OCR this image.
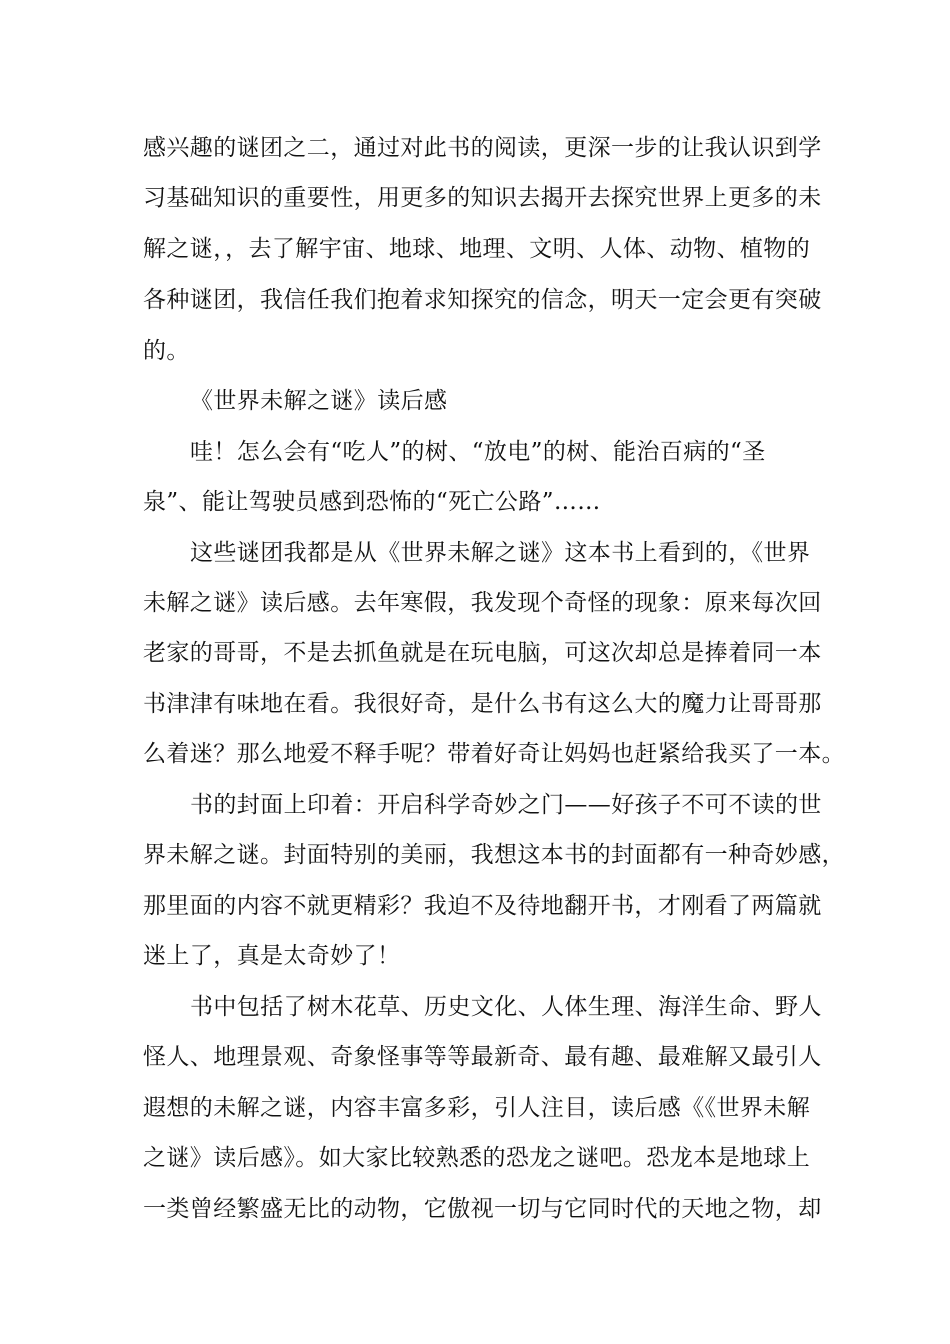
感兴趣的谜团之二，通过对此书的阅读，更深一步的让我认识到学
习基础知识的重要性，用更多的知识去揭开去探究世界上更多的未
解之谜，，去了解宇宙、地球、地理、文明、人体、动物、植物的
各种谜团，我信任我们抱着求知探究的信念，明天一定会更有突破
的。
《世界未解之谜》读后感
哇！怎么会有“吃人”的树、“放电”的树、能治百病的“圣
泉”、能让驾驶员感到恐怖的“死亡公路”……
这些谜团我都是从《世界未解之谜》这本书上看到的，《世界
未解之谜》读后感。去年寒假，我发现个奇怪的现象：原来每次回
老家的哥哥，不是去抓鱼就是在玩电脑，可这次却总是捧着同一本
书津津有味地在看。我很好奇，是什么书有这么大的魔力让哥哥那
么着迷？那么地爱不释手呢？带着好奇让妈妈也赶紧给我买了一本。
书的封面上印着：开启科学奇妙之门——好孩子不可不读的世
界未解之谜。封面特别的美丽，我想这本书的封面都有一种奇妙感，
那里面的内容不就更精彩？我迫不及待地翻开书，才刚看了两篇就
迷上了，真是太奇妙了！
书中包括了树木花草、历史文化、人体生理、海洋生命、野人
怪人、地理景观、奇象怪事等等最新奇、最有趣、最难解又最引人
遐想的未解之谜，内容丰富多彩，引人注目，读后感《《世界未解
之谜》读后感》。如大家比较熟悉的恐龙之谜吧。恐龙本是地球上
一类曾经繁盛无比的动物，它傲视一切与它同时代的天地之物，却
